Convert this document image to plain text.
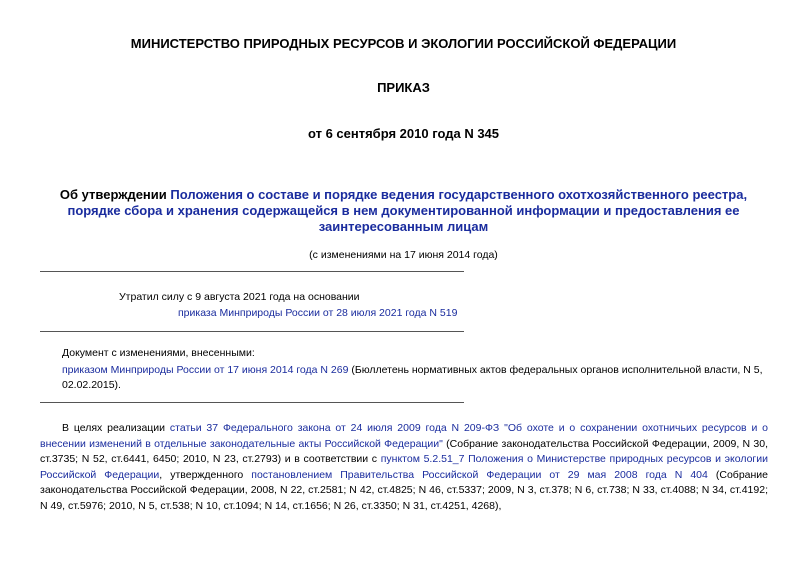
МИНИСТЕРСТВО ПРИРОДНЫХ РЕСУРСОВ И ЭКОЛОГИИ РОССИЙСКОЙ ФЕДЕРАЦИИ
ПРИКАЗ
от 6 сентября 2010 года N 345
Об утверждении Положения о составе и порядке ведения государственного охотхозяйственного реестра,
порядке сбора и хранения содержащейся в нем документированной информации и предоставления ее
заинтересованным лицам
(с изменениями на 17 июня 2014 года)
Утратил силу с 9 августа 2021 года на основании
приказа Минприроды России от 28 июля 2021 года N 519
Документ с изменениями, внесенными:
приказом Минприроды России от 17 июня 2014 года N 269 (Бюллетень нормативных актов федеральных органов исполнительной власти, N 5, 02.02.2015).
В целях реализации статьи 37 Федерального закона от 24 июля 2009 года N 209-ФЗ "Об охоте и о сохранении охотничьих ресурсов и о внесении изменений в отдельные законодательные акты Российской Федерации" (Собрание законодательства Российской Федерации, 2009, N 30, ст.3735; N 52, ст.6441, 6450; 2010, N 23, ст.2793) и в соответствии с пунктом 5.2.51_7 Положения о Министерстве природных ресурсов и экологии Российской Федерации, утвержденного постановлением Правительства Российской Федерации от 29 мая 2008 года N 404 (Собрание законодательства Российской Федерации, 2008, N 22, ст.2581; N 42, ст.4825; N 46, ст.5337; 2009, N 3, ст.378; N 6, ст.738; N 33, ст.4088; N 34, ст.4192; N 49, ст.5976; 2010, N 5, ст.538; N 10, ст.1094; N 14, ст.1656; N 26, ст.3350; N 31, ст.4251, 4268),
